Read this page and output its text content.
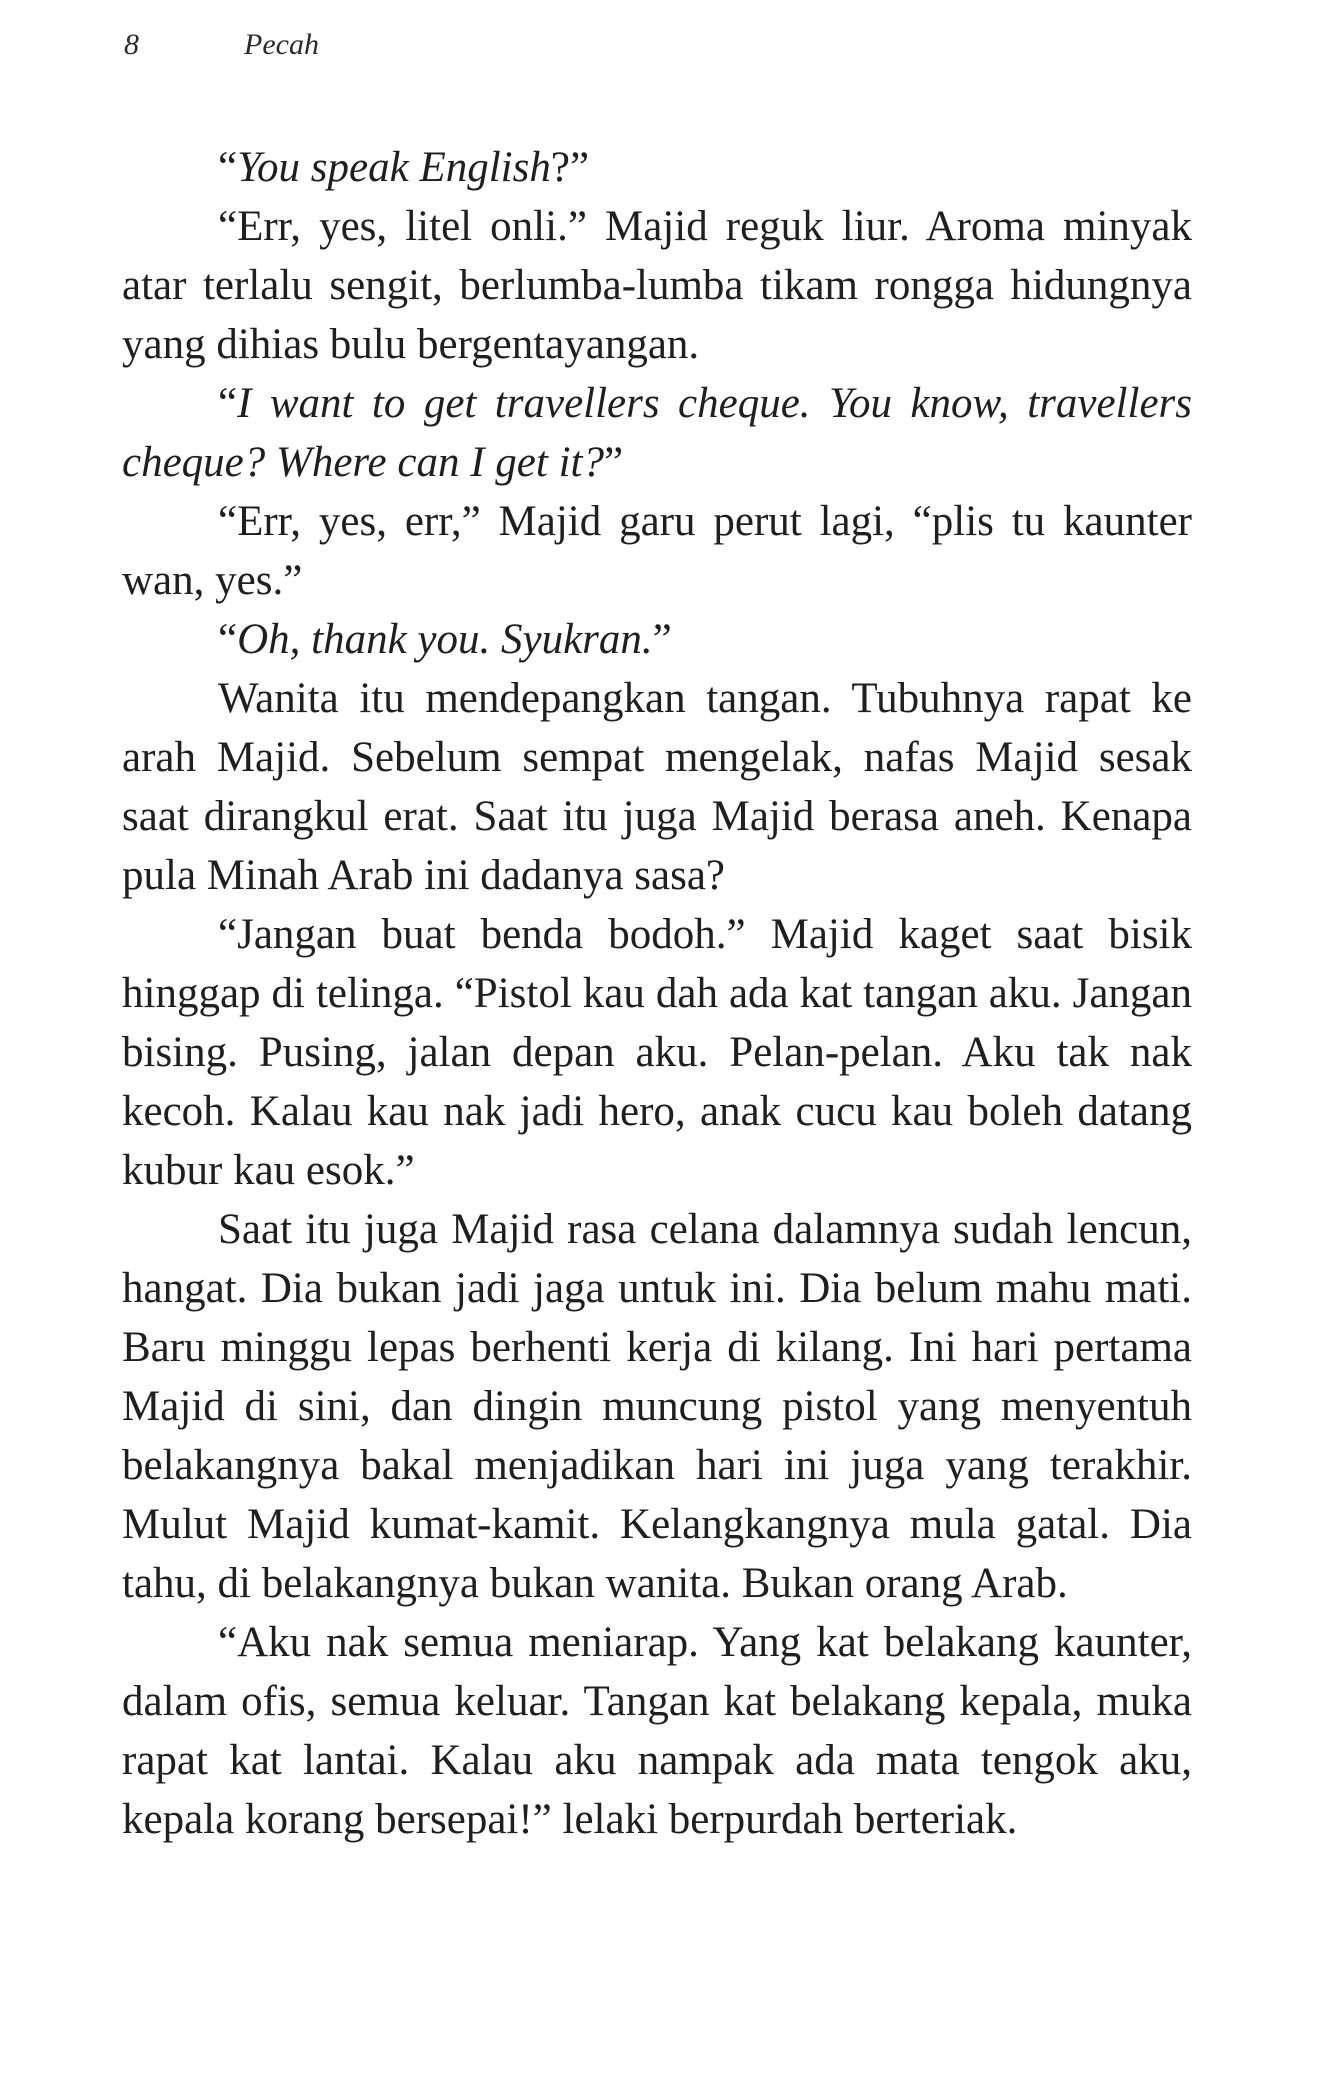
8	Pecah

“You speak English?”

“Err, yes, litel onli.” Majid reguk liur. Aroma minyak atar terlalu sengit, berlumba-lumba tikam rongga hidungnya yang dihias bulu bergentayangan.

“I want to get travellers cheque. You know, travellers cheque? Where can I get it?”

“Err, yes, err,” Majid garu perut lagi, “plis tu kaunter wan, yes.”

“Oh, thank you. Syukran.”

Wanita itu mendepangkan tangan. Tubuhnya rapat ke arah Majid. Sebelum sempat mengelak, nafas Majid sesak saat dirangkul erat. Saat itu juga Majid berasa aneh. Kenapa pula Minah Arab ini dadanya sasa?

“Jangan buat benda bodoh.” Majid kaget saat bisik hinggap di telinga. “Pistol kau dah ada kat tangan aku. Jangan bising. Pusing, jalan depan aku. Pelan-pelan. Aku tak nak kecoh. Kalau kau nak jadi hero, anak cucu kau boleh datang kubur kau esok.”

Saat itu juga Majid rasa celana dalamnya sudah lencun, hangat. Dia bukan jadi jaga untuk ini. Dia belum mahu mati. Baru minggu lepas berhenti kerja di kilang. Ini hari pertama Majid di sini, dan dingin muncung pistol yang menyentuh belakangnya bakal menjadikan hari ini juga yang terakhir. Mulut Majid kumat-kamit. Kelangkangnya mula gatal. Dia tahu, di belakangnya bukan wanita. Bukan orang Arab.

“Aku nak semua meniarap. Yang kat belakang kaunter, dalam ofis, semua keluar. Tangan kat belakang kepala, muka rapat kat lantai. Kalau aku nampak ada mata tengok aku, kepala korang bersepai!” lelaki berpurdah berteriak.
